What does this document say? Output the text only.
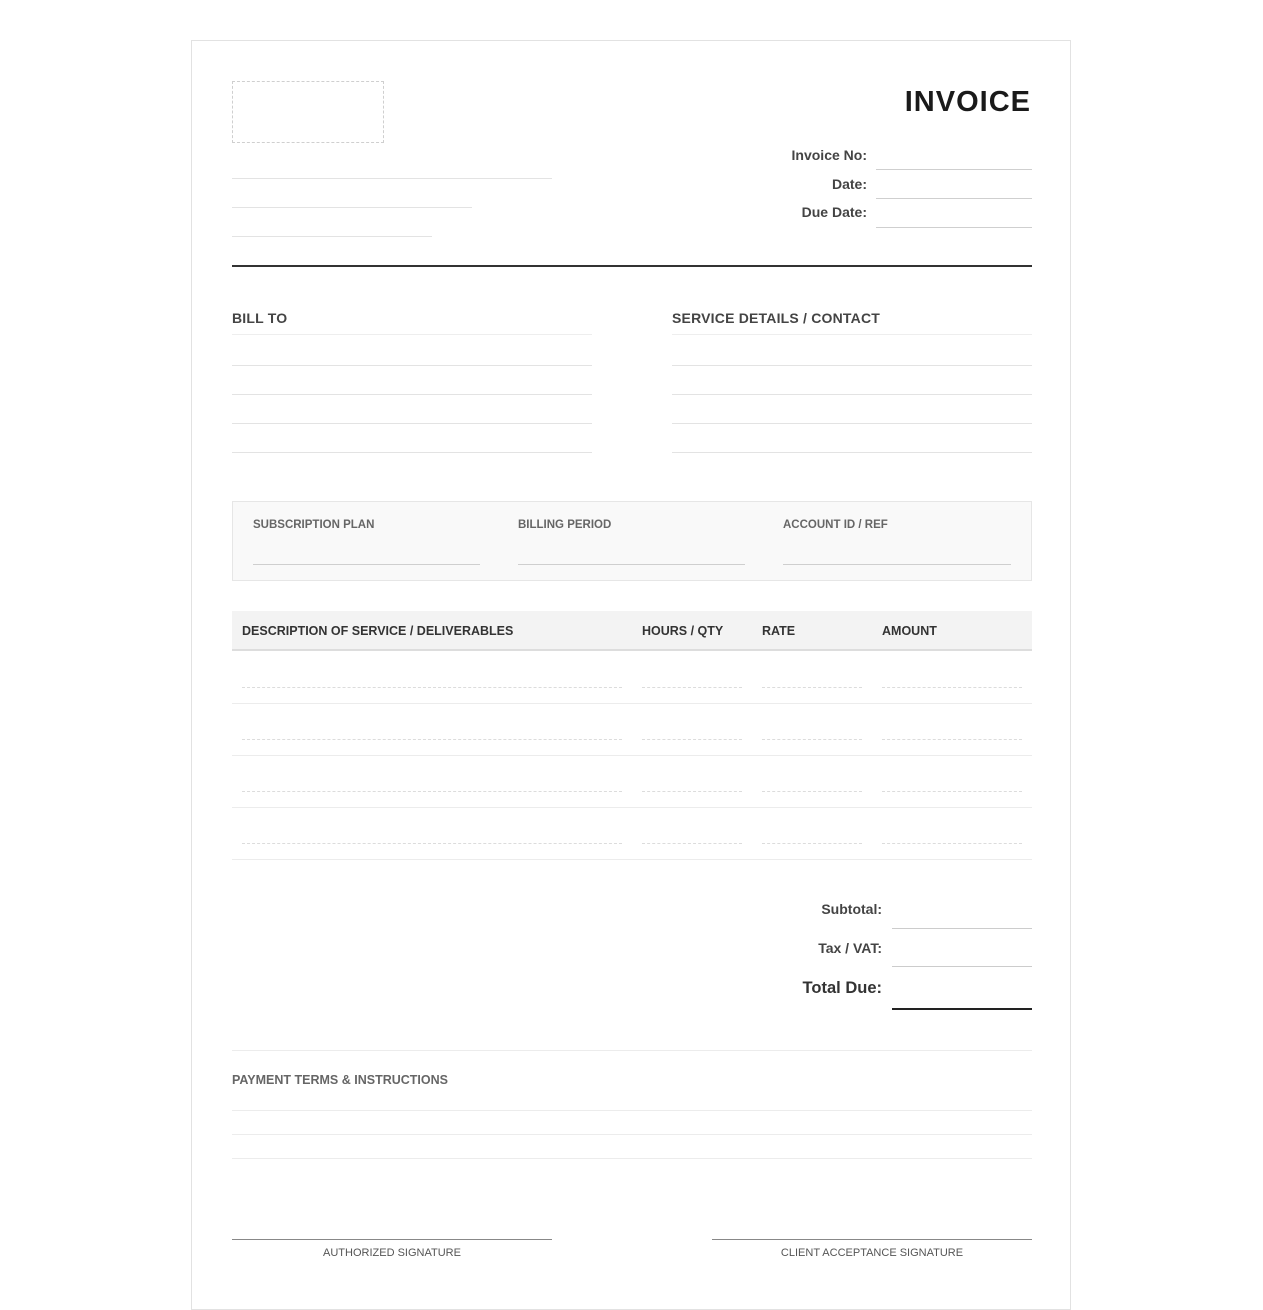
INVOICE
Invoice No:
Date:
Due Date:
BILL TO	SERVICE DETAILS / CONTACT
SUBSCRIPTION PLAN	BILLING PERIOD	ACCOUNT ID / REF
DESCRIPTION OF SERVICE / DELIVERABLES	HOURS / QTY	RATE	AMOUNT
Subtotal:
Tax / VAT:
Total Due:
PAYMENT TERMS & INSTRUCTIONS
AUTHORIZED SIGNATURE	CLIENT ACCEPTANCE SIGNATURE
